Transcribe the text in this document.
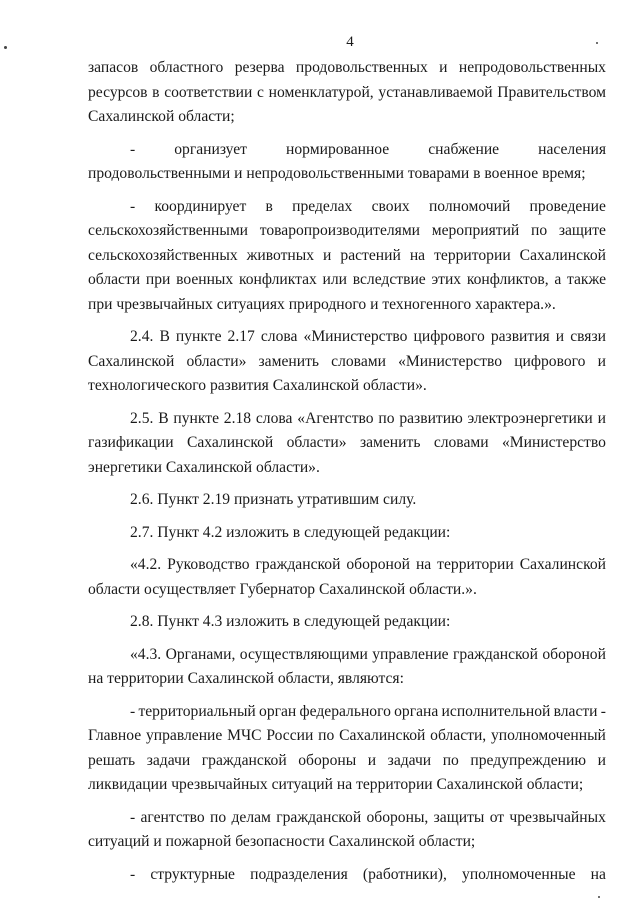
4
запасов областного резерва продовольственных и непродовольственных
ресурсов в соответствии с номенклатурой, устанавливаемой Правительством
Сахалинской области;
-	организует	нормированное	снабжение	населения
продовольственными и непродовольственными товарами в военное время;
- координирует в пределах своих полномочий проведение
сельскохозяйственными товаропроизводителями мероприятий по защите
сельскохозяйственных животных и растений на территории Сахалинской
области при военных конфликтах или вследствие этих конфликтов, а также
при чрезвычайных ситуациях природного и техногенного характера.».
2.4. В пункте 2.17 слова «Министерство цифрового развития и связи
Сахалинской области» заменить словами «Министерство цифрового и
технологического развития Сахалинской области».
2.5. В пункте 2.18 слова «Агентство по развитию электроэнергетики и
газификации Сахалинской области» заменить словами «Министерство
энергетики Сахалинской области».
2.6. Пункт 2.19 признать утратившим силу.
2.7. Пункт 4.2 изложить в следующей редакции:
«4.2. Руководство гражданской обороной на территории Сахалинской
области осуществляет Губернатор Сахалинской области.».
2.8. Пункт 4.3 изложить в следующей редакции:
«4.3. Органами, осуществляющими управление гражданской обороной
на территории Сахалинской области, являются:
- территориальный орган федерального органа исполнительной власти -
Главное управление МЧС России по Сахалинской области, уполномоченный
решать задачи гражданской обороны и задачи по предупреждению и
ликвидации чрезвычайных ситуаций на территории Сахалинской области;
- агентство по делам гражданской обороны, защиты от чрезвычайных
ситуаций и пожарной безопасности Сахалинской области;
- структурные подразделения (работники), уполномоченные на
